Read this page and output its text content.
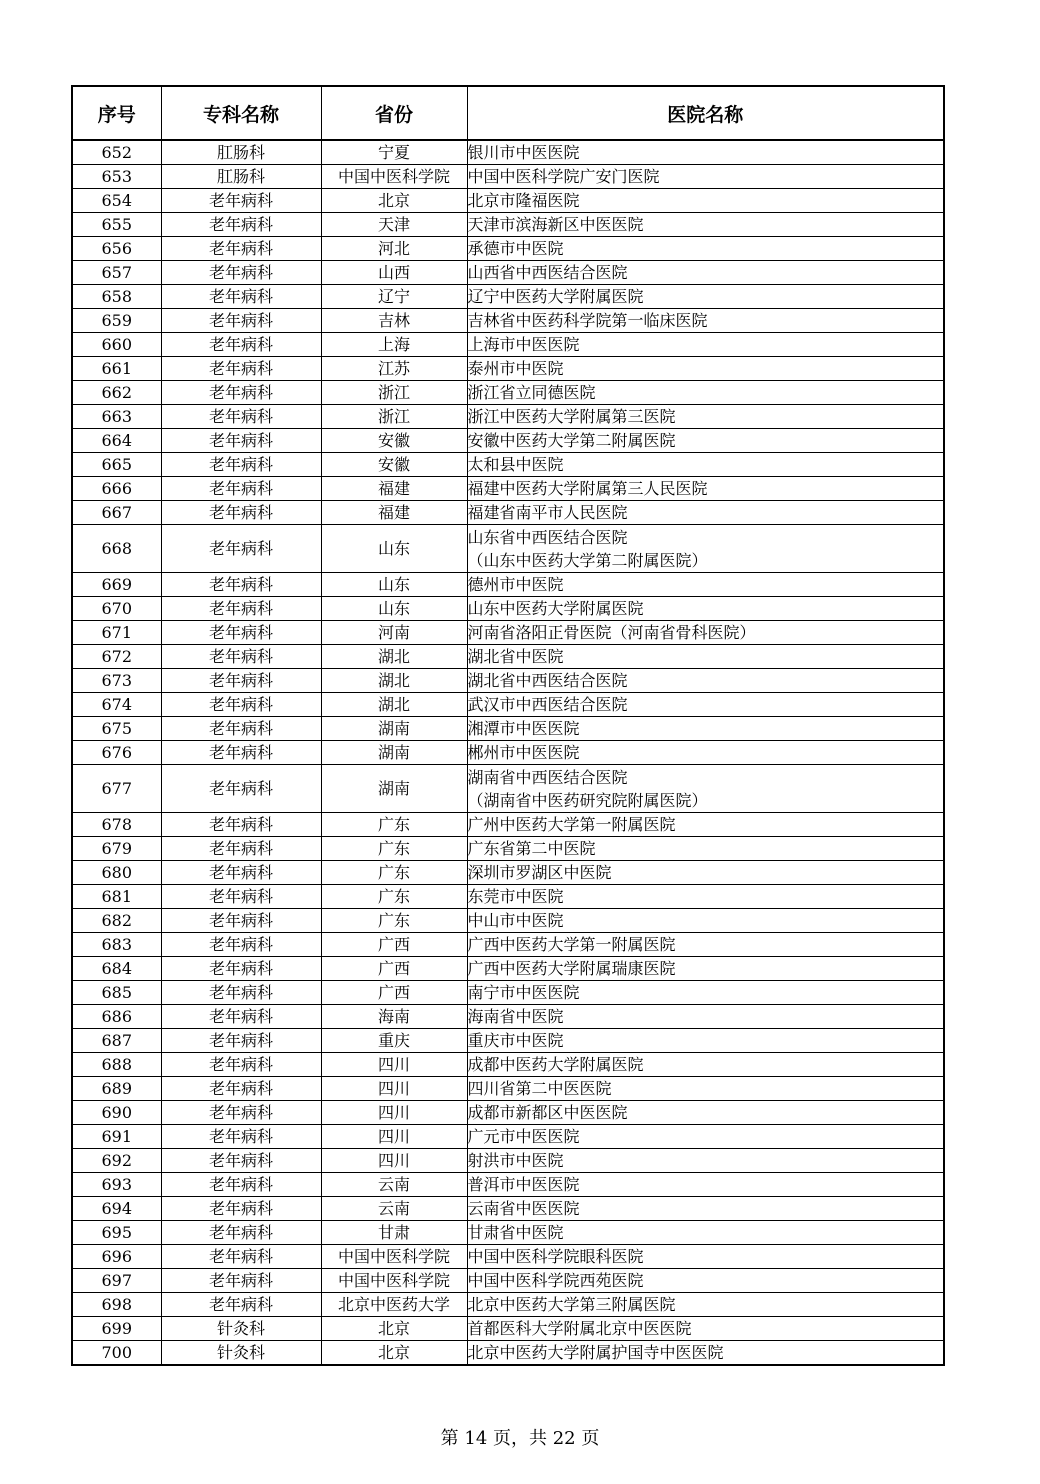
序号	专科名称	省份	医院名称
652	肛肠科	宁夏	银川市中医医院
653	肛肠科	中国中医科学院	中国中医科学院广安门医院
654	老年病科	北京	北京市隆福医院
655	老年病科	天津	天津市滨海新区中医医院
656	老年病科	河北	承德市中医院
657	老年病科	山西	山西省中西医结合医院
658	老年病科	辽宁	辽宁中医药大学附属医院
659	老年病科	吉林	吉林省中医药科学院第一临床医院
660	老年病科	上海	上海市中医医院
661	老年病科	江苏	泰州市中医院
662	老年病科	浙江	浙江省立同德医院
663	老年病科	浙江	浙江中医药大学附属第三医院
664	老年病科	安徽	安徽中医药大学第二附属医院
665	老年病科	安徽	太和县中医院
666	老年病科	福建	福建中医药大学附属第三人民医院
667	老年病科	福建	福建省南平市人民医院
668	老年病科	山东	山东省中西医结合医院
（山东中医药大学第二附属医院）
669	老年病科	山东	德州市中医院
670	老年病科	山东	山东中医药大学附属医院
671	老年病科	河南	河南省洛阳正骨医院（河南省骨科医院）
672	老年病科	湖北	湖北省中医院
673	老年病科	湖北	湖北省中西医结合医院
674	老年病科	湖北	武汉市中西医结合医院
675	老年病科	湖南	湘潭市中医医院
676	老年病科	湖南	郴州市中医医院
677	老年病科	湖南	湖南省中西医结合医院
（湖南省中医药研究院附属医院）
678	老年病科	广东	广州中医药大学第一附属医院
679	老年病科	广东	广东省第二中医院
680	老年病科	广东	深圳市罗湖区中医院
681	老年病科	广东	东莞市中医院
682	老年病科	广东	中山市中医院
683	老年病科	广西	广西中医药大学第一附属医院
684	老年病科	广西	广西中医药大学附属瑞康医院
685	老年病科	广西	南宁市中医医院
686	老年病科	海南	海南省中医院
687	老年病科	重庆	重庆市中医院
688	老年病科	四川	成都中医药大学附属医院
689	老年病科	四川	四川省第二中医医院
690	老年病科	四川	成都市新都区中医医院
691	老年病科	四川	广元市中医医院
692	老年病科	四川	射洪市中医院
693	老年病科	云南	普洱市中医医院
694	老年病科	云南	云南省中医医院
695	老年病科	甘肃	甘肃省中医院
696	老年病科	中国中医科学院	中国中医科学院眼科医院
697	老年病科	中国中医科学院	中国中医科学院西苑医院
698	老年病科	北京中医药大学	北京中医药大学第三附属医院
699	针灸科	北京	首都医科大学附属北京中医医院
700	针灸科	北京	北京中医药大学附属护国寺中医医院
第 14 页，共 22 页
